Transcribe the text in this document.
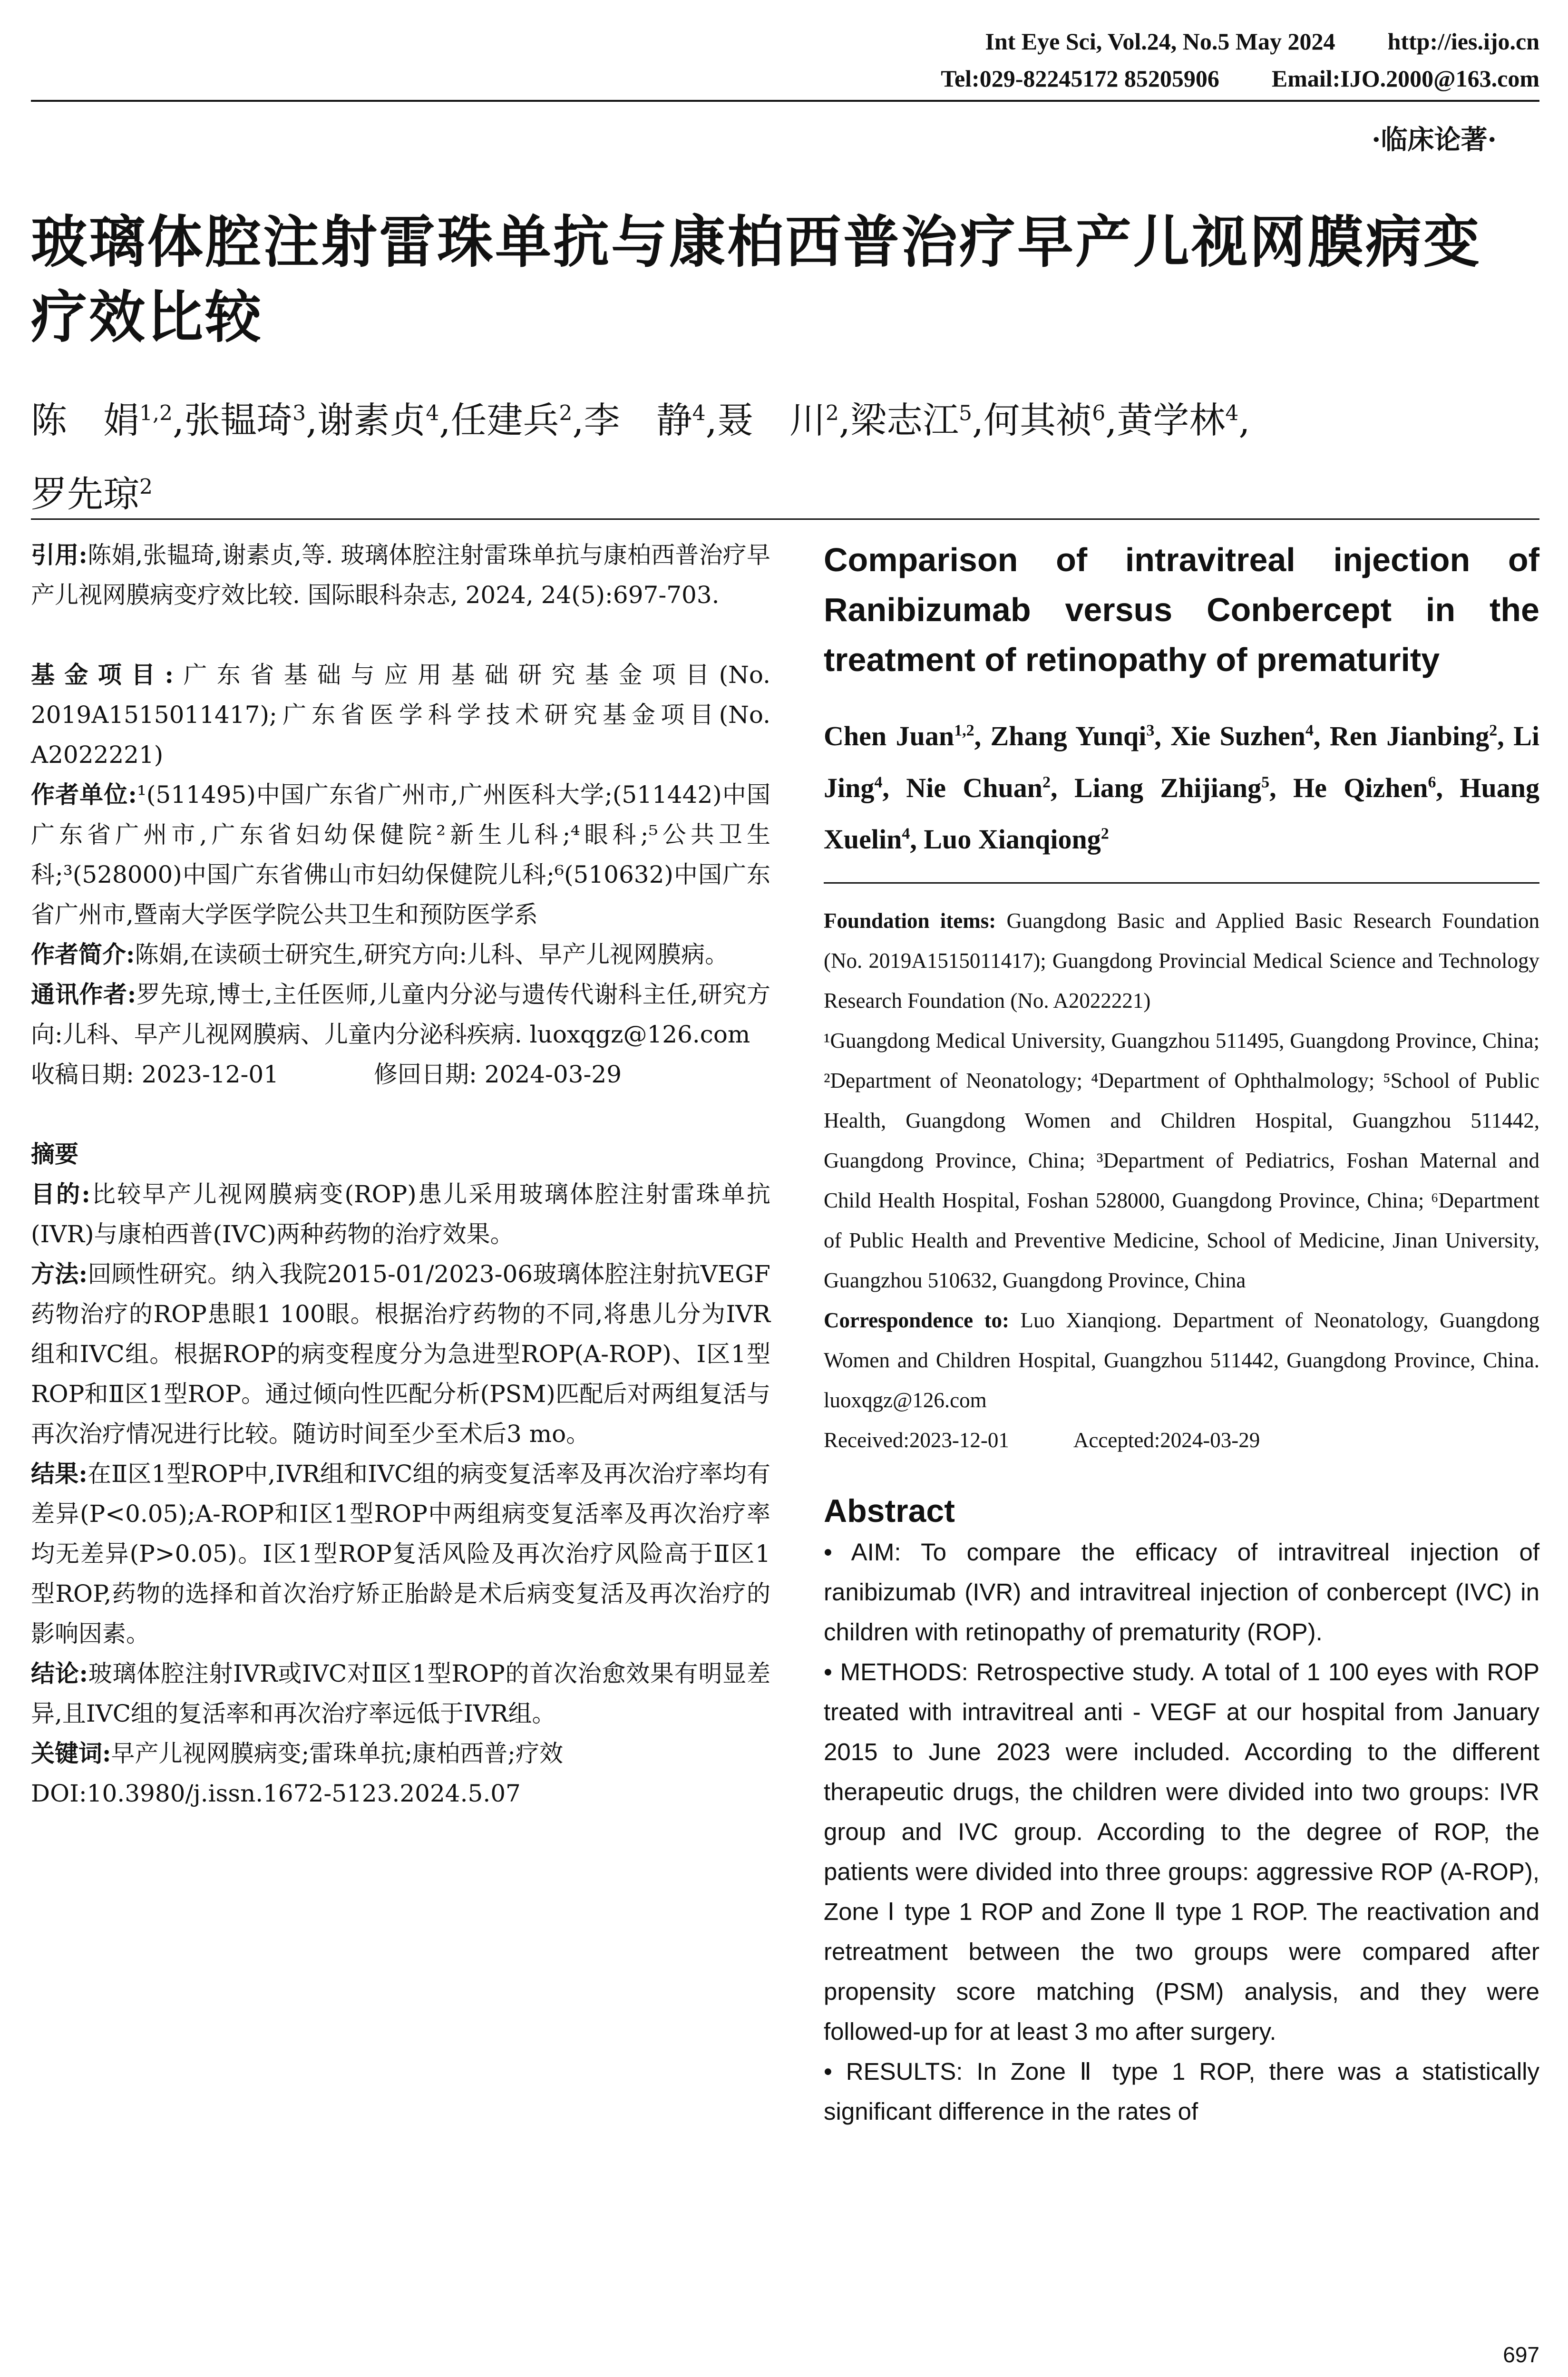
Int Eye Sci, Vol.24, No.5 May 2024 http://ies.ijo.cn
Tel:029-82245172 85205906 Email:IJO.2000@163.com
·临床论著·
玻璃体腔注射雷珠单抗与康柏西普治疗早产儿视网膜病变疗效比较
陈　娟$^{1,2}$,张韫琦$^3$,谢素贞$^4$,任建兵$^2$,李　静$^4$,聂　川$^2$,梁志江$^5$,何其祯$^6$,黄学林$^4$,
罗先琼$^2$

引用:陈娟,张韫琦,谢素贞,等. 玻璃体腔注射雷珠单抗与康柏西普治疗早产儿视网膜病变疗效比较. 国际眼科杂志, 2024, 24(5):697-703.

基金项目:广东省基础与应用基础研究基金项目(No. 2019A1515011417);广东省医学科学技术研究基金项目(No. A2022221)

作者单位:¹(511495)中国广东省广州市,广州医科大学;(511442)中国广东省广州市,广东省妇幼保健院²新生儿科;⁴眼科;⁵公共卫生科;³(528000)中国广东省佛山市妇幼保健院儿科;⁶(510632)中国广东省广州市,暨南大学医学院公共卫生和预防医学系

作者简介:陈娟,在读硕士研究生,研究方向:儿科、早产儿视网膜病。

通讯作者:罗先琼,博士,主任医师,儿童内分泌与遗传代谢科主任,研究方向:儿科、早产儿视网膜病、儿童内分泌科疾病. luoxqgz@126.com

收稿日期: 2023-12-01　　　　	修回日期: 2024-03-29

摘要

目的:比较早产儿视网膜病变(ROP)患儿采用玻璃体腔注射雷珠单抗(IVR)与康柏西普(IVC)两种药物的治疗效果。

方法:回顾性研究。纳入我院2015-01/2023-06玻璃体腔注射抗VEGF药物治疗的ROP患眼1 100眼。根据治疗药物的不同,将患儿分为IVR组和IVC组。根据ROP的病变程度分为急进型ROP(A-ROP)、Ⅰ区1型ROP和Ⅱ区1型ROP。通过倾向性匹配分析(PSM)匹配后对两组复活与再次治疗情况进行比较。随访时间至少至术后3 mo。

结果:在Ⅱ区1型ROP中,IVR组和IVC组的病变复活率及再次治疗率均有差异(P<0.05);A-ROP和Ⅰ区1型ROP中两组病变复活率及再次治疗率均无差异(P>0.05)。Ⅰ区1型ROP复活风险及再次治疗风险高于Ⅱ区1型ROP,药物的选择和首次治疗矫正胎龄是术后病变复活及再次治疗的影响因素。

结论:玻璃体腔注射IVR或IVC对Ⅱ区1型ROP的首次治愈效果有明显差异,且IVC组的复活率和再次治疗率远低于IVR组。

关键词:早产儿视网膜病变;雷珠单抗;康柏西普;疗效

DOI:10.3980/j.issn.1672-5123.2024.5.07

Comparison of intravitreal injection of Ranibizumab versus Conbercept in the treatment of retinopathy of prematurity

Chen Juan$^{1,2}$, Zhang Yunqi$^3$, Xie Suzhen$^4$, Ren Jianbing$^2$, Li Jing$^4$, Nie Chuan$^2$, Liang Zhijiang$^5$, He Qizhen$^6$, Huang Xuelin$^4$, Luo Xianqiong$^2$

Foundation items: Guangdong Basic and Applied Basic Research Foundation (No. 2019A1515011417); Guangdong Provincial Medical Science and Technology Research Foundation (No. A2022221)

¹Guangdong Medical University, Guangzhou 511495, Guangdong Province, China; ²Department of Neonatology; ⁴Department of Ophthalmology; ⁵School of Public Health, Guangdong Women and Children Hospital, Guangzhou 511442, Guangdong Province, China; ³Department of Pediatrics, Foshan Maternal and Child Health Hospital, Foshan 528000, Guangdong Province, China; ⁶Department of Public Health and Preventive Medicine, School of Medicine, Jinan University, Guangzhou 510632, Guangdong Province, China

Correspondence to: Luo Xianqiong. Department of Neonatology, Guangdong Women and Children Hospital, Guangzhou 511442, Guangdong Province, China. luoxqgz@126.com

Received:2023-12-01　　　	Accepted:2024-03-29

Abstract

• AIM: To compare the efficacy of intravitreal injection of ranibizumab (IVR) and intravitreal injection of conbercept (IVC) in children with retinopathy of prematurity (ROP).

• METHODS: Retrospective study. A total of 1 100 eyes with ROP treated with intravitreal anti - VEGF at our hospital from January 2015 to June 2023 were included. According to the different therapeutic drugs, the children were divided into two groups: IVR group and IVC group. According to the degree of ROP, the patients were divided into three groups: aggressive ROP (A-ROP), Zone Ⅰ type 1 ROP and Zone Ⅱ type 1 ROP. The reactivation and retreatment between the two groups were compared after propensity score matching (PSM) analysis, and they were followed-up for at least 3 mo after surgery.

• RESULTS: In Zone Ⅱ type 1 ROP, there was a statistically significant difference in the rates of

697
